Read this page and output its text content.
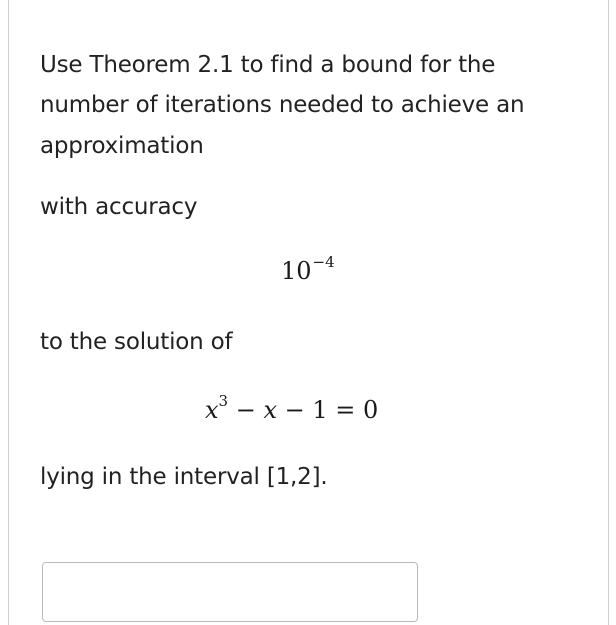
Use Theorem 2.1 to find a bound for the
number of iterations needed to achieve an
approximation
with accuracy
$10^{-4}$
to the solution of
$x^3 - x - 1 = 0$
lying in the interval [1,2].
